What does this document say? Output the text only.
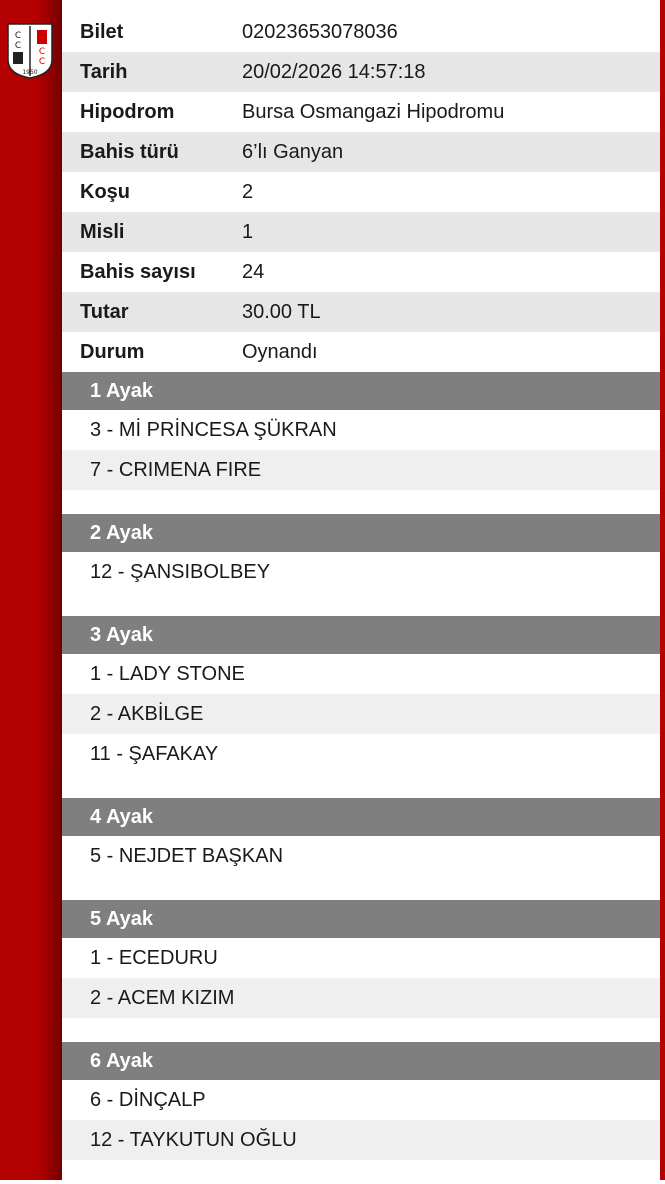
C
C
C
C
1950
Bilet	02023653078036
Tarih	20/02/2026 14:57:18
Hipodrom	Bursa Osmangazi Hipodromu
Bahis türü	6’lı Ganyan
Koşu	2
Misli	1
Bahis sayısı	24
Tutar	30.00 TL
Durum	Oynandı
1 Ayak
3 - Mİ PRİNCESA ŞÜKRAN
7 - CRIMENA FIRE
2 Ayak
12 - ŞANSIBOLBEY
3 Ayak
1 - LADY STONE
2 - AKBİLGE
11 - ŞAFAKAY
4 Ayak
5 - NEJDET BAŞKAN
5 Ayak
1 - ECEDURU
2 - ACEM KIZIM
6 Ayak
6 - DİNÇALP
12 - TAYKUTUN OĞLU
